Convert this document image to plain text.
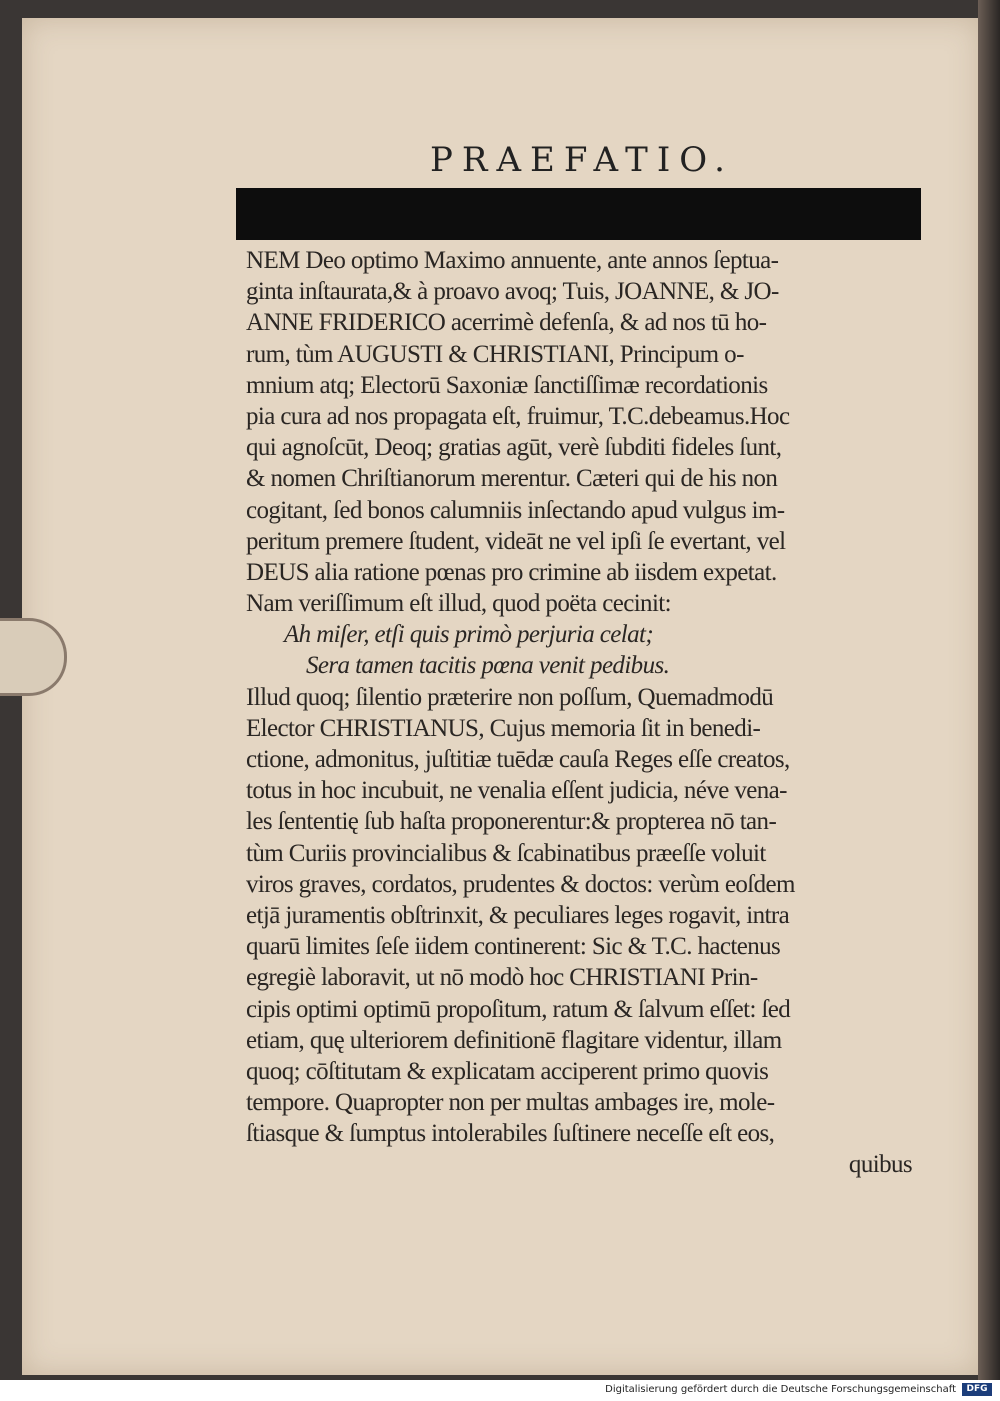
PRAEFATIO.
NEM Deo optimo Maximo annuente, ante annos ſeptua-
ginta inſtaurata,& à proavo avoq; Tuis, JOANNE, & JO-
ANNE FRIDERICO acerrimè defenſa, & ad nos tū ho-
rum, tùm AUGUSTI & CHRISTIANI, Principum o-
mnium atq; Electorū Saxoniæ ſanctiſſimæ recordationis
pia cura ad nos propagata eſt, fruimur, T.C.debeamus.Hoc
qui agnoſcūt, Deoq; gratias agūt, verè ſubditi fideles ſunt,
& nomen Chriſtianorum merentur. Cæteri qui de his non
cogitant, ſed bonos calumniis inſectando apud vulgus im-
peritum premere ſtudent, videāt ne vel ipſi ſe evertant, vel
DEUS alia ratione pœnas pro crimine ab iisdem expetat.
Nam veriſſimum eſt illud, quod poëta cecinit:
Ah miſer, etſi quis primò perjuria celat;
Sera tamen tacitis pœna venit pedibus.
Illud quoq; ſilentio præterire non poſſum, Quemadmodū
Elector CHRISTIANUS, Cujus memoria ſit in benedi-
ctione, admonitus, juſtitiæ tuēdæ cauſa Reges eſſe creatos,
totus in hoc incubuit, ne venalia eſſent judicia, néve vena-
les ſententię ſub haſta proponerentur:& propterea nō tan-
tùm Curiis provincialibus & ſcabinatibus præeſſe voluit
viros graves, cordatos, prudentes & doctos: verùm eoſdem
etjā juramentis obſtrinxit, & peculiares leges rogavit, intra
quarū limites ſeſe iidem continerent: Sic & T.C. hactenus
egregiè laboravit, ut nō modò hoc CHRISTIANI Prin-
cipis optimi optimū propoſitum, ratum & ſalvum eſſet: ſed
etiam, quę ulteriorem definitionē flagitare videntur, illam
quoq; cōſtitutam & explicatam acciperent primo quovis
tempore. Quapropter non per multas ambages ire, mole-
ſtiasque & ſumptus intolerabiles ſuſtinere neceſſe eſt eos,
quibus
Digitalisierung gefördert durch die Deutsche Forschungsgemeinschaft	DFG
